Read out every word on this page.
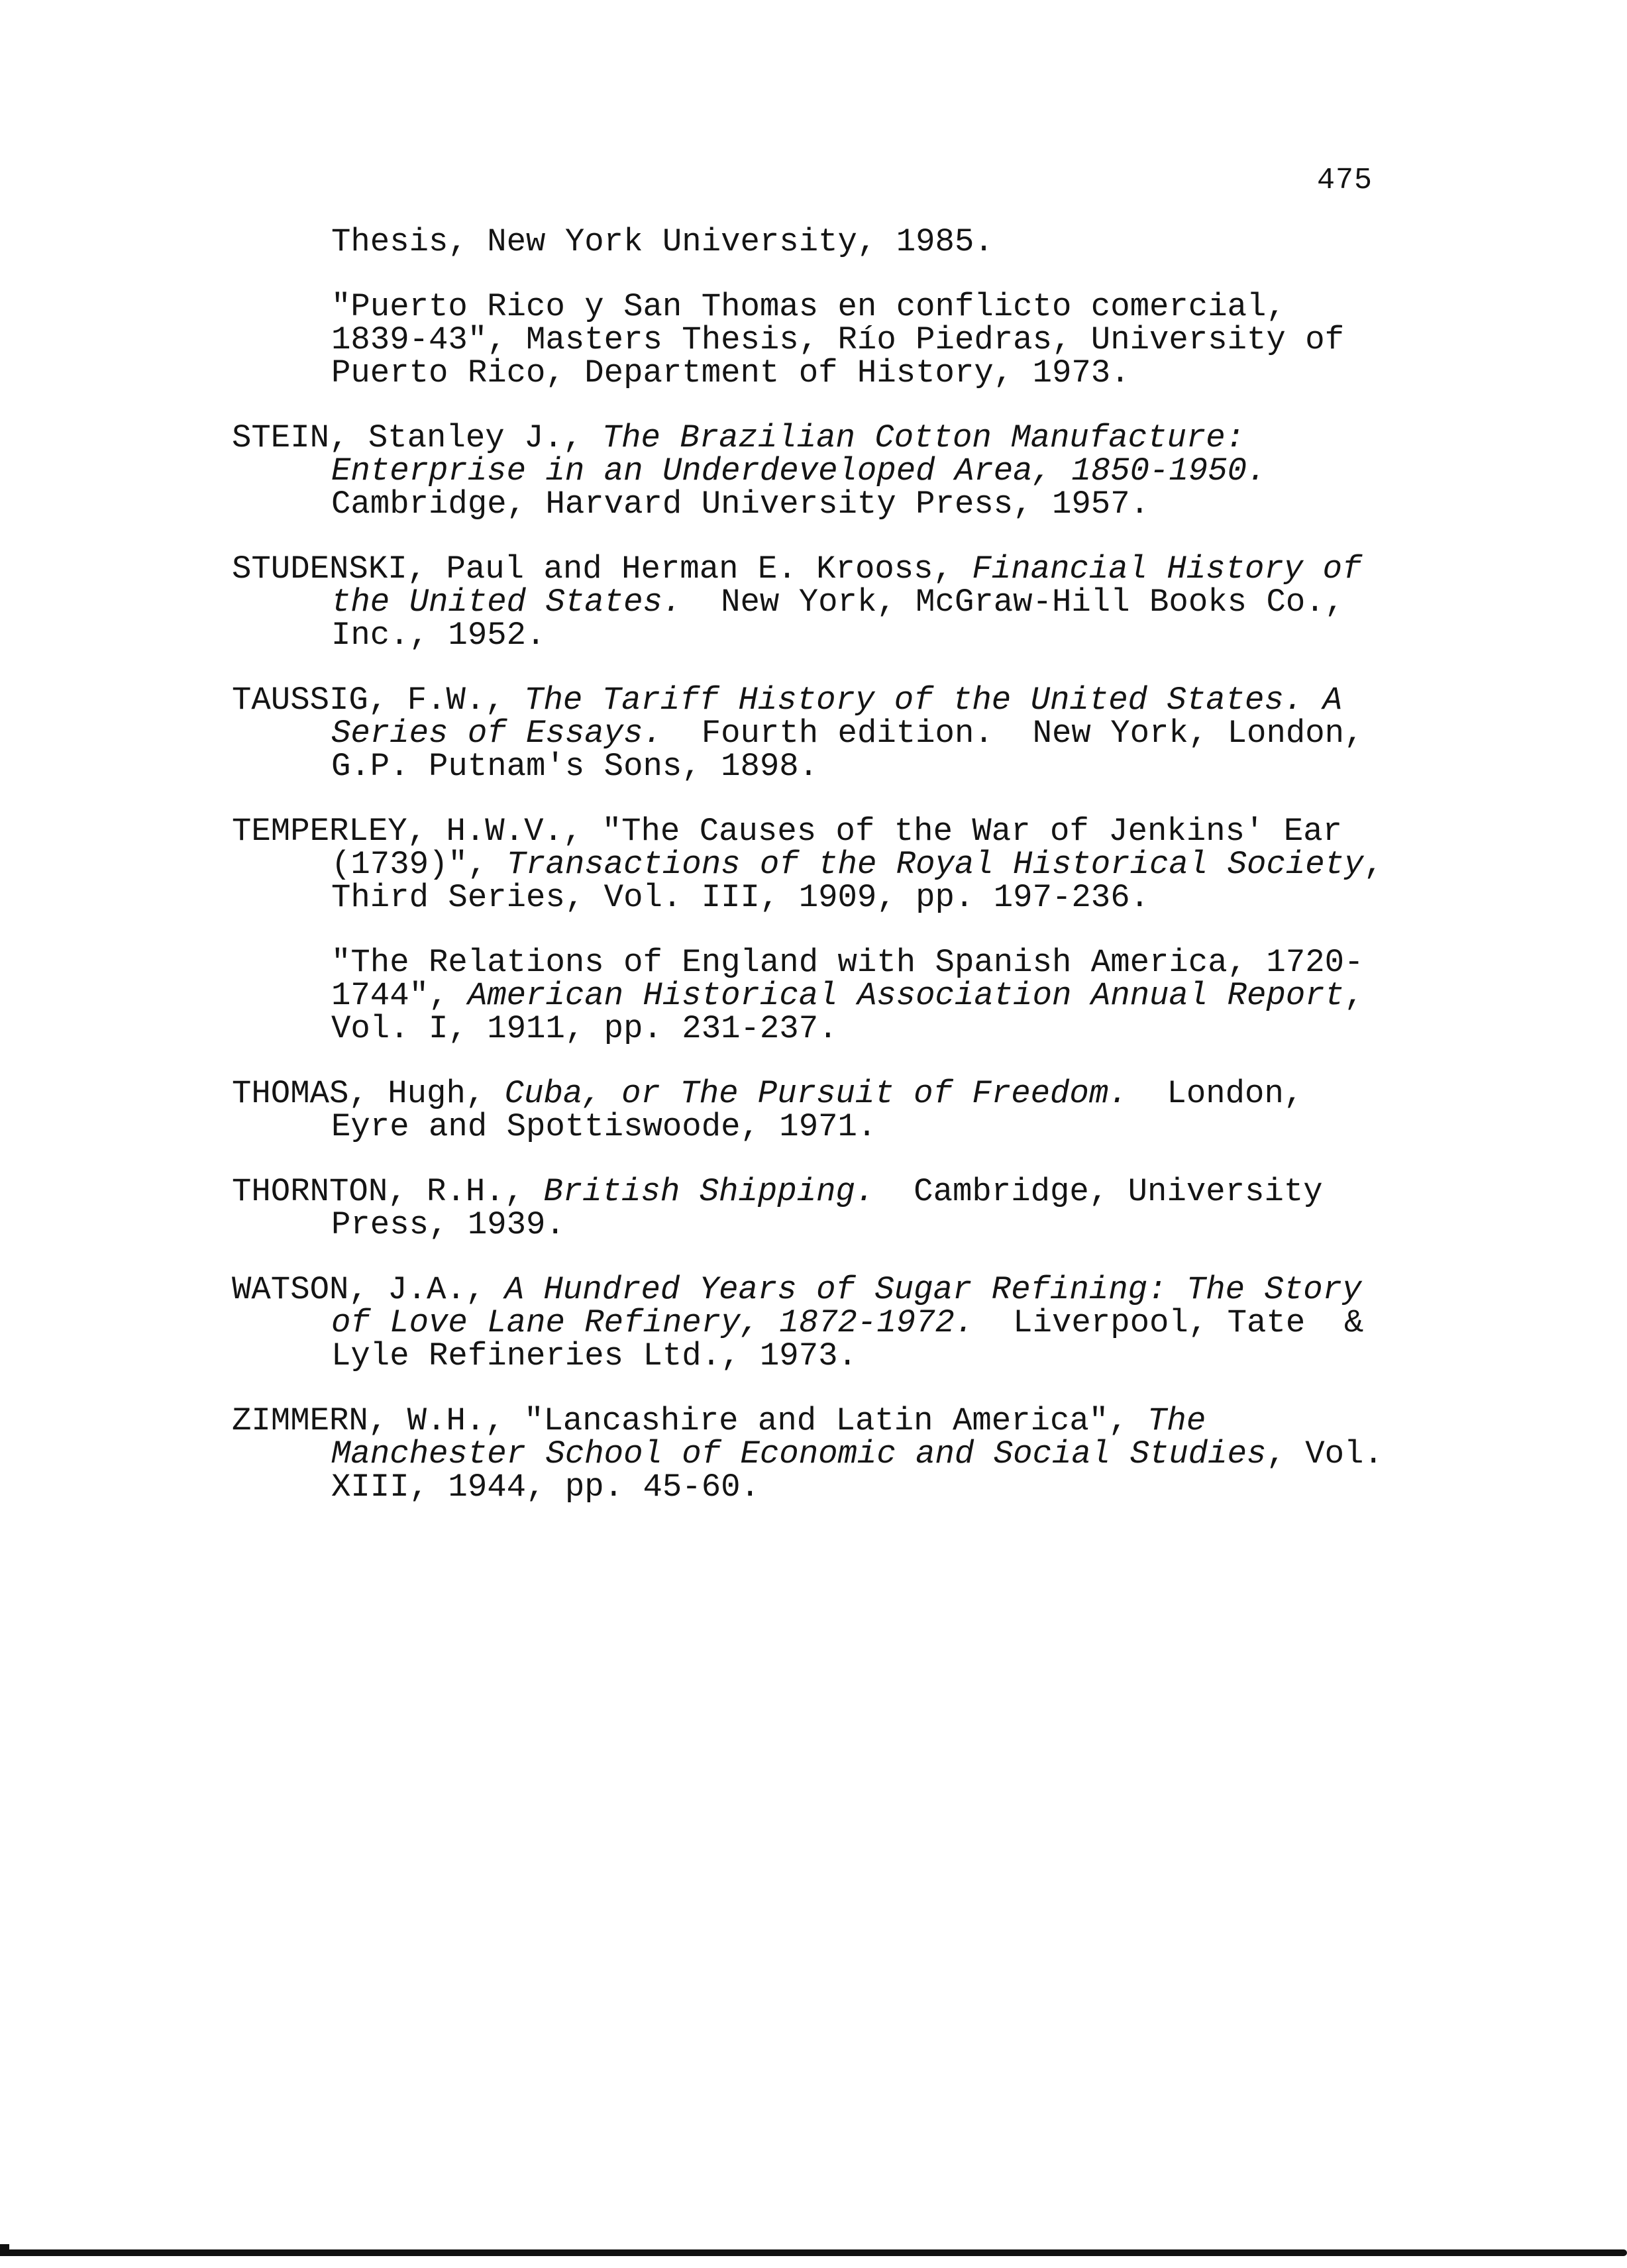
475

Thesis, New York University, 1985.

"Puerto Rico y San Thomas en conflicto comercial, 1839-43", Masters Thesis, Río Piedras, University of Puerto Rico, Department of History, 1973.

STEIN, Stanley J., The Brazilian Cotton Manufacture: Enterprise in an Underdeveloped Area, 1850-1950. Cambridge, Harvard University Press, 1957.

STUDENSKI, Paul and Herman E. Krooss, Financial History of the United States.  New York, McGraw-Hill Books Co., Inc., 1952.

TAUSSIG, F.W., The Tariff History of the United States. A Series of Essays.  Fourth edition.  New York, London, G.P. Putnam's Sons, 1898.

TEMPERLEY, H.W.V., "The Causes of the War of Jenkins' Ear (1739)", Transactions of the Royal Historical Society, Third Series, Vol. III, 1909, pp. 197-236.

"The Relations of England with Spanish America, 1720-1744", American Historical Association Annual Report, Vol. I, 1911, pp. 231-237.

THOMAS, Hugh, Cuba, or The Pursuit of Freedom.  London, Eyre and Spottiswoode, 1971.

THORNTON, R.H., British Shipping.  Cambridge, University Press, 1939.

WATSON, J.A., A Hundred Years of Sugar Refining: The Story of Love Lane Refinery, 1872-1972.  Liverpool, Tate  & Lyle Refineries Ltd., 1973.

ZIMMERN, W.H., "Lancashire and Latin America", The Manchester School of Economic and Social Studies, Vol. XIII, 1944, pp. 45-60.
